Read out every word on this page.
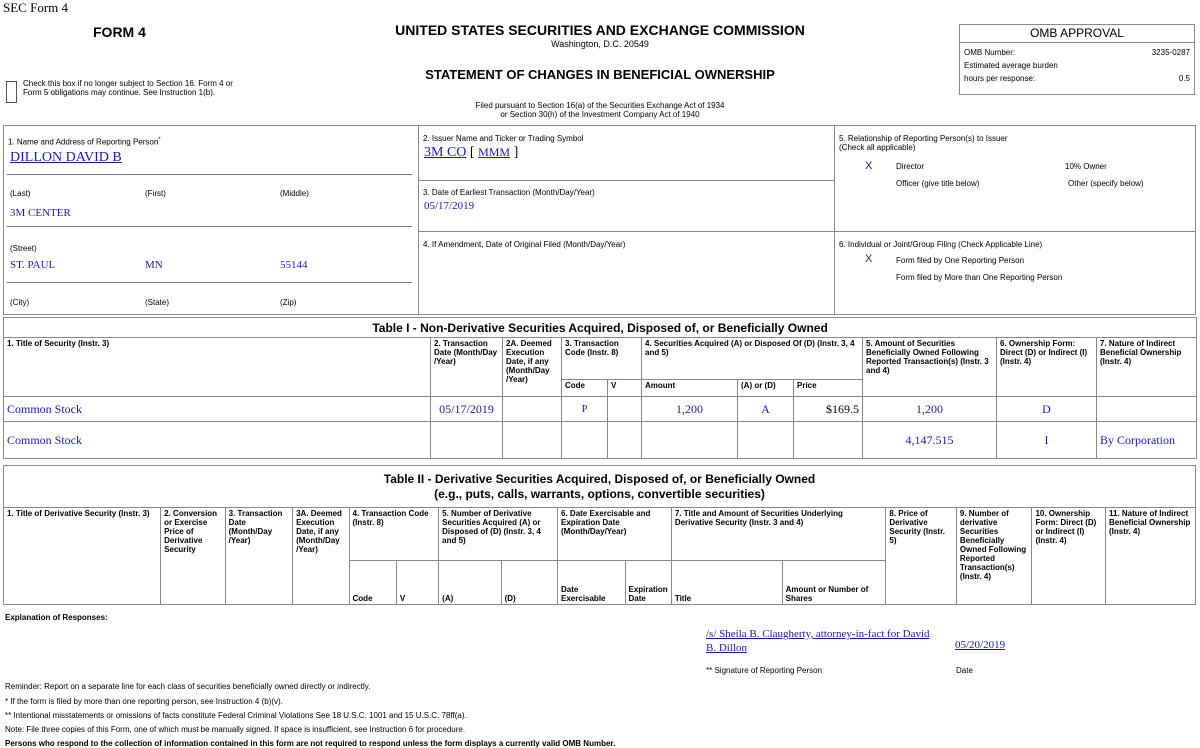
SEC Form 4
FORM 4
Check this box if no longer subject to Section 16. Form 4 or Form 5 obligations may continue. See Instruction 1(b).
UNITED STATES SECURITIES AND EXCHANGE COMMISSION
Washington, D.C. 20549
STATEMENT OF CHANGES IN BENEFICIAL OWNERSHIP
Filed pursuant to Section 16(a) of the Securities Exchange Act of 1934
or Section 30(h) of the Investment Company Act of 1940
OMB APPROVAL
OMB Number:	3235-0287
Estimated average burden
hours per response:	0.5
1. Name and Address of Reporting Person*
DILLON DAVID B
(Last)	(First)	(Middle)
3M CENTER
(Street)
ST. PAUL	MN	55144
(City)	(State)	(Zip)
2. Issuer Name and Ticker or Trading Symbol
3M CO [ MMM ]
3. Date of Earliest Transaction (Month/Day/Year)
05/17/2019
4. If Amendment, Date of Original Filed (Month/Day/Year)
5. Relationship of Reporting Person(s) to Issuer
(Check all applicable)
X	Director	10% Owner
Officer (give title below)	Other (specify below)
6. Individual or Joint/Group Filing (Check Applicable Line)
X	Form filed by One Reporting Person
Form filed by More than One Reporting Person
Table I - Non-Derivative Securities Acquired, Disposed of, or Beneficially Owned										
1. Title of Security (Instr. 3)	2. Transaction Date (Month/Day /Year)	2A. Deemed Execution Date, if any (Month/Day /Year)	3. Transaction Code (Instr. 8)		4. Securities Acquired (A) or Disposed Of (D) (Instr. 3, 4 and 5)			5. Amount of Securities Beneficially Owned Following Reported Transaction(s) (Instr. 3 and 4)	6. Ownership Form: Direct (D) or Indirect (I) (Instr. 4)	7. Nature of Indirect Beneficial Ownership (Instr. 4)
			Code	V	Amount	(A) or (D)	Price			
Common Stock	05/17/2019		P		1,200	A	$169.5	1,200	D	
Common Stock								4,147.515	I	By Corporation
Table II - Derivative Securities Acquired, Disposed of, or Beneficially Owned
(e.g., puts, calls, warrants, options, convertible securities)															

1. Title of Derivative Security (Instr. 3)	2. Conversion or Exercise Price of Derivative Security	3. Transaction Date (Month/Day /Year)	3A. Deemed Execution Date, if any (Month/Day /Year)	4. Transaction Code (Instr. 8)		5. Number of Derivative Securities Acquired (A) or Disposed of (D) (Instr. 3, 4 and 5)		6. Date Exercisable and Expiration Date (Month/Day/Year)		7. Title and Amount of Securities Underlying Derivative Security (Instr. 3 and 4)		8. Price of Derivative Security (Instr. 5)	9. Number of derivative Securities Beneficially Owned Following Reported Transaction(s) (Instr. 4)	10. Ownership Form: Direct (D) or Indirect (I) (Instr. 4)	11. Nature of Indirect Beneficial Ownership (Instr. 4)
				Code	V	(A)	(D)	Date Exercisable	Expiration Date	Title	Amount or Number of Shares				
Explanation of Responses:
/s/ Sheila B. Claugherty, attorney-in-fact for David B. Dillon	05/20/2019
** Signature of Reporting Person	Date
Reminder: Report on a separate line for each class of securities beneficially owned directly or indirectly.
* If the form is filed by more than one reporting person, see Instruction 4 (b)(v).
** Intentional misstatements or omissions of facts constitute Federal Criminal Violations See 18 U.S.C. 1001 and 15 U.S.C. 78ff(a).
Note: File three copies of this Form, one of which must be manually signed. If space is insufficient, see Instruction 6 for procedure.
Persons who respond to the collection of information contained in this form are not required to respond unless the form displays a currently valid OMB Number.
